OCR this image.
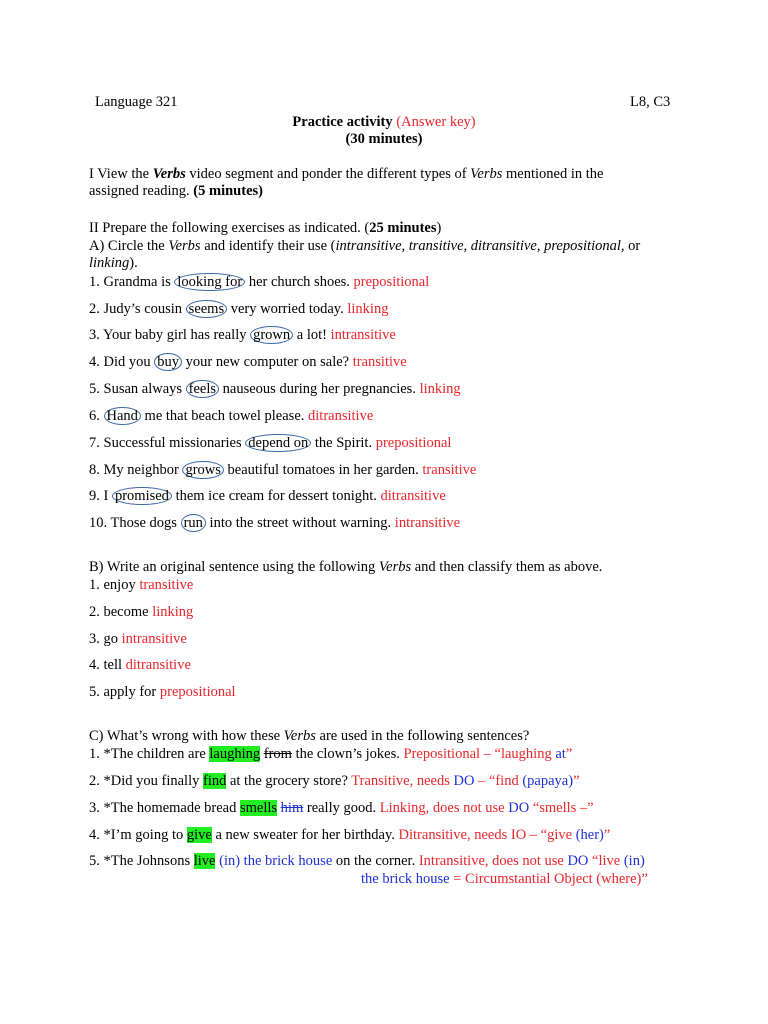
Language 321	L8, C3
Practice activity (Answer key)
(30 minutes)
I View the Verbs video segment and ponder the different types of Verbs mentioned in the
assigned reading. (5 minutes)
II Prepare the following exercises as indicated. (25 minutes)
A) Circle the Verbs and identify their use (intransitive, transitive, ditransitive, prepositional, or
linking).
1. Grandma is looking for her church shoes. prepositional
2. Judy’s cousin seems very worried today. linking
3. Your baby girl has really grown a lot! intransitive
4. Did you buy your new computer on sale? transitive
5. Susan always feels nauseous during her pregnancies. linking
6. Hand me that beach towel please. ditransitive
7. Successful missionaries depend on the Spirit. prepositional
8. My neighbor grows beautiful tomatoes in her garden. transitive
9. I promised them ice cream for dessert tonight. ditransitive
10. Those dogs run into the street without warning. intransitive
B) Write an original sentence using the following Verbs and then classify them as above.
1. enjoy transitive
2. become linking
3. go intransitive
4. tell ditransitive
5. apply for prepositional
C) What’s wrong with how these Verbs are used in the following sentences?
1. *The children are laughing from the clown’s jokes. Prepositional – “laughing at”
2. *Did you finally find at the grocery store? Transitive, needs DO – “find (papaya)”
3. *The homemade bread smells him really good. Linking, does not use DO “smells –”
4. *I’m going to give a new sweater for her birthday. Ditransitive, needs IO – “give (her)”
5. *The Johnsons live (in) the brick house on the corner. Intransitive, does not use DO “live (in)
the brick house = Circumstantial Object (where)”
